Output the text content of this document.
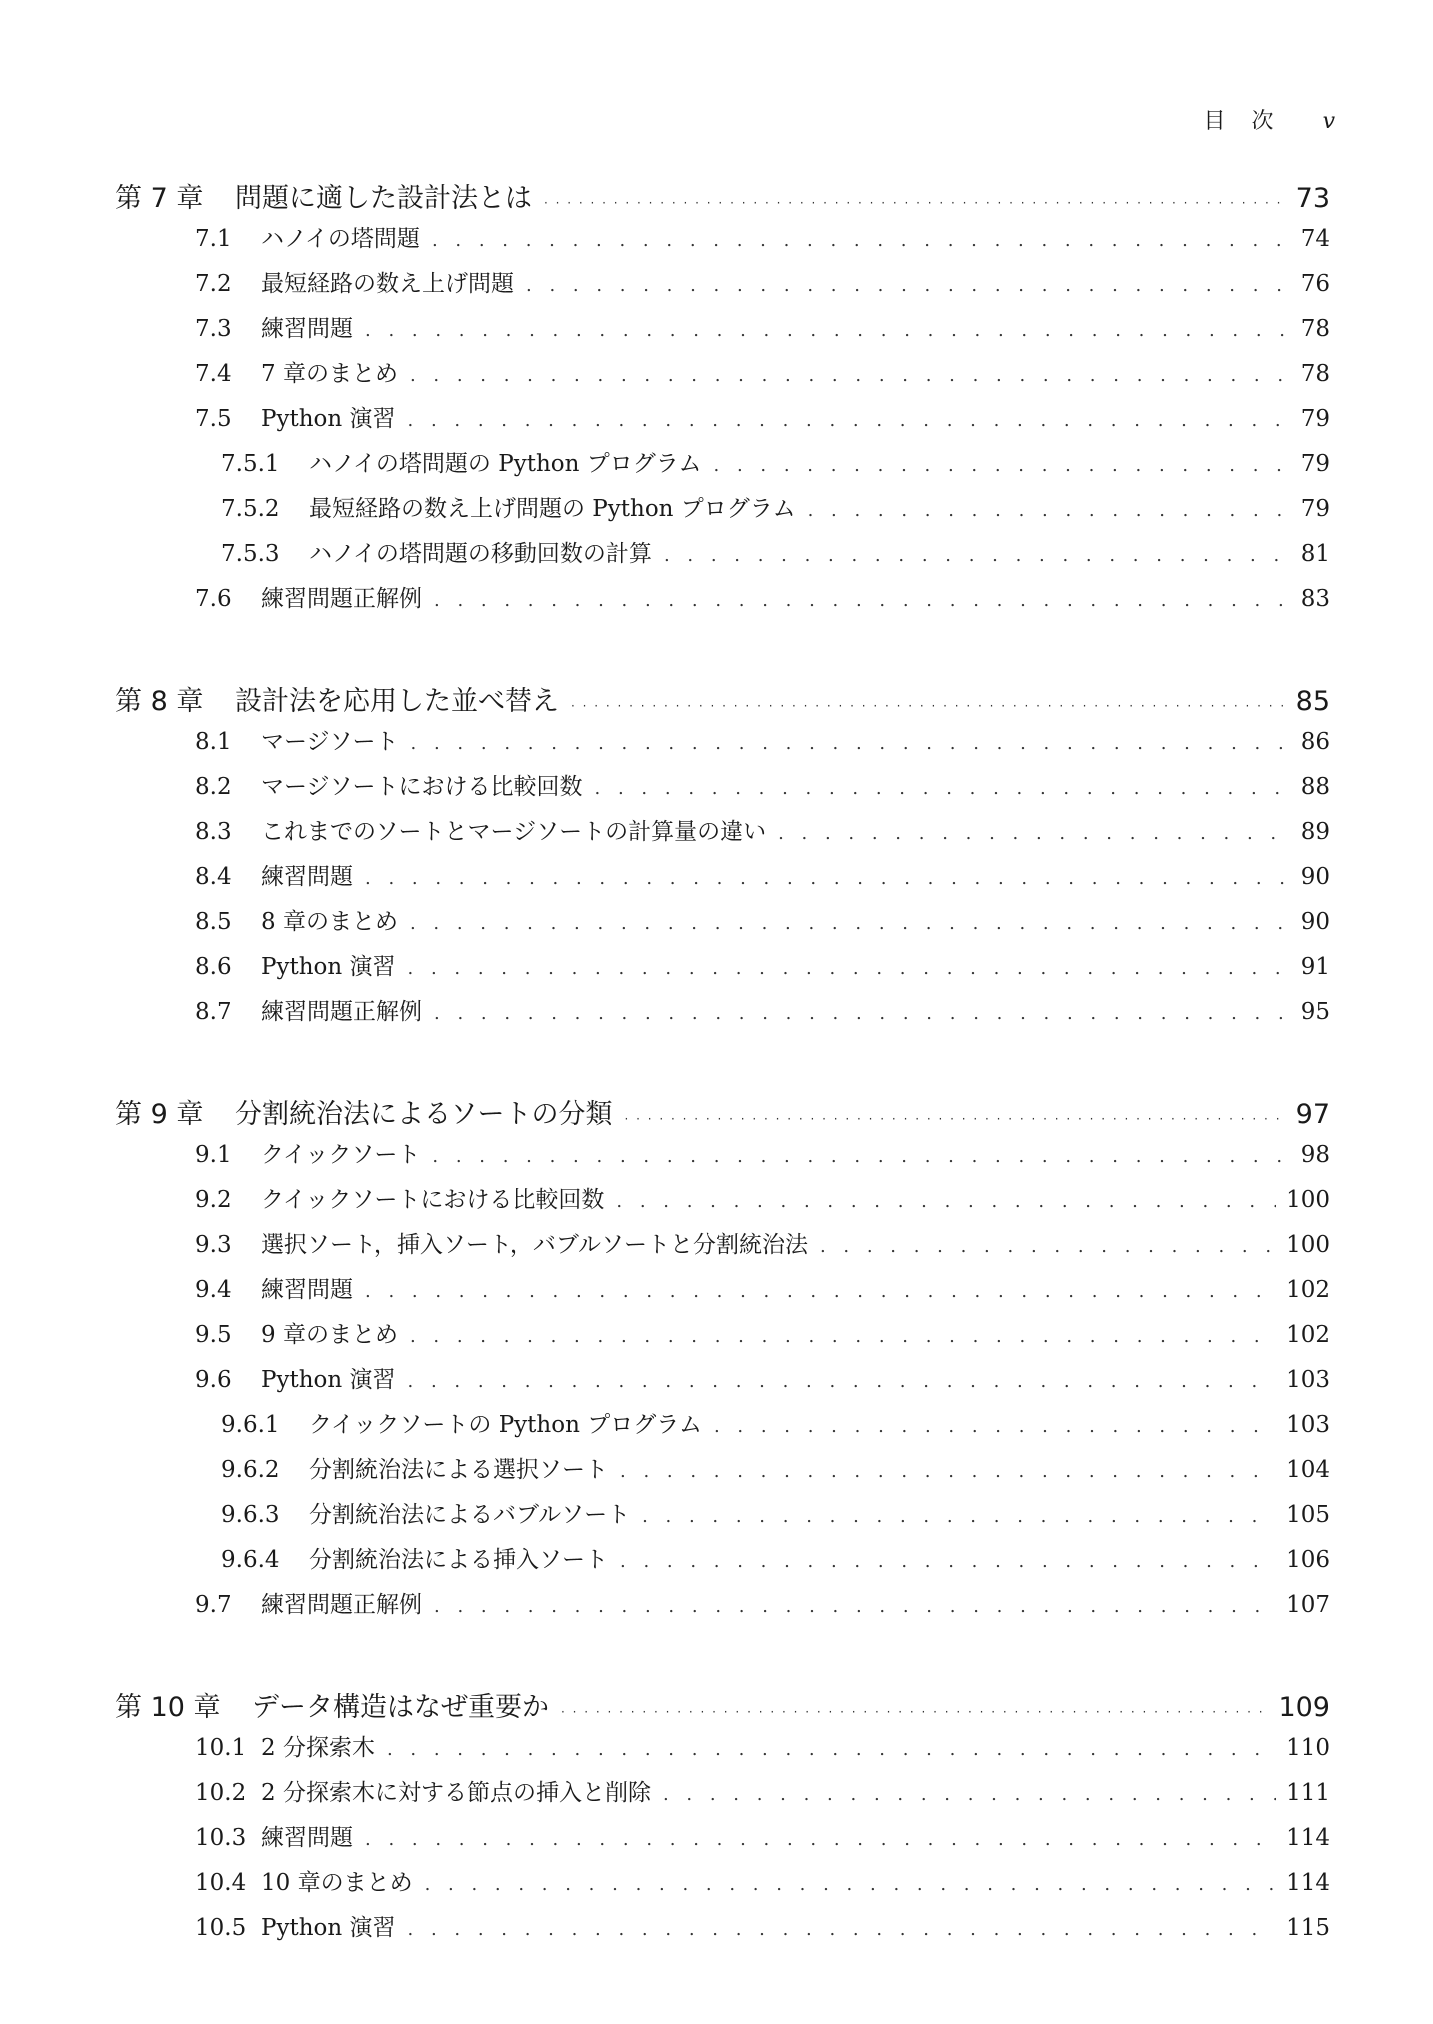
目　次 v
第 7 章	問題に適した設計法とは · · ·	73
7.1	ハノイの塔問題 . . .	74
7.2	最短経路の数え上げ問題 . . .	76
7.3	練習問題 . . .	78
7.4	7 章のまとめ . . .	78
7.5	Python 演習 . . .	79
7.5.1	ハノイの塔問題の Python プログラム . . .	79
7.5.2	最短経路の数え上げ問題の Python プログラム . . .	79
7.5.3	ハノイの塔問題の移動回数の計算 . . .	81
7.6	練習問題正解例 . . .	83
第 8 章	設計法を応用した並べ替え · · ·	85
8.1	マージソート . . .	86
8.2	マージソートにおける比較回数 . . .	88
8.3	これまでのソートとマージソートの計算量の違い . . .	89
8.4	練習問題 . . .	90
8.5	8 章のまとめ . . .	90
8.6	Python 演習 . . .	91
8.7	練習問題正解例 . . .	95
第 9 章	分割統治法によるソートの分類 · · ·	97
9.1	クイックソート . . .	98
9.2	クイックソートにおける比較回数 . . .	100
9.3	選択ソート，挿入ソート，バブルソートと分割統治法 . . .	100
9.4	練習問題 . . .	102
9.5	9 章のまとめ . . .	102
9.6	Python 演習 . . .	103
9.6.1	クイックソートの Python プログラム . . .	103
9.6.2	分割統治法による選択ソート . . .	104
9.6.3	分割統治法によるバブルソート . . .	105
9.6.4	分割統治法による挿入ソート . . .	106
9.7	練習問題正解例 . . .	107
第 10 章	データ構造はなぜ重要か · · ·	109
10.1 2 分探索木 . . .	110
10.2 2 分探索木に対する節点の挿入と削除 . . .	111
10.3 練習問題 . . .	114
10.4 10 章のまとめ . . .	114
10.5 Python 演習 . . .	115
